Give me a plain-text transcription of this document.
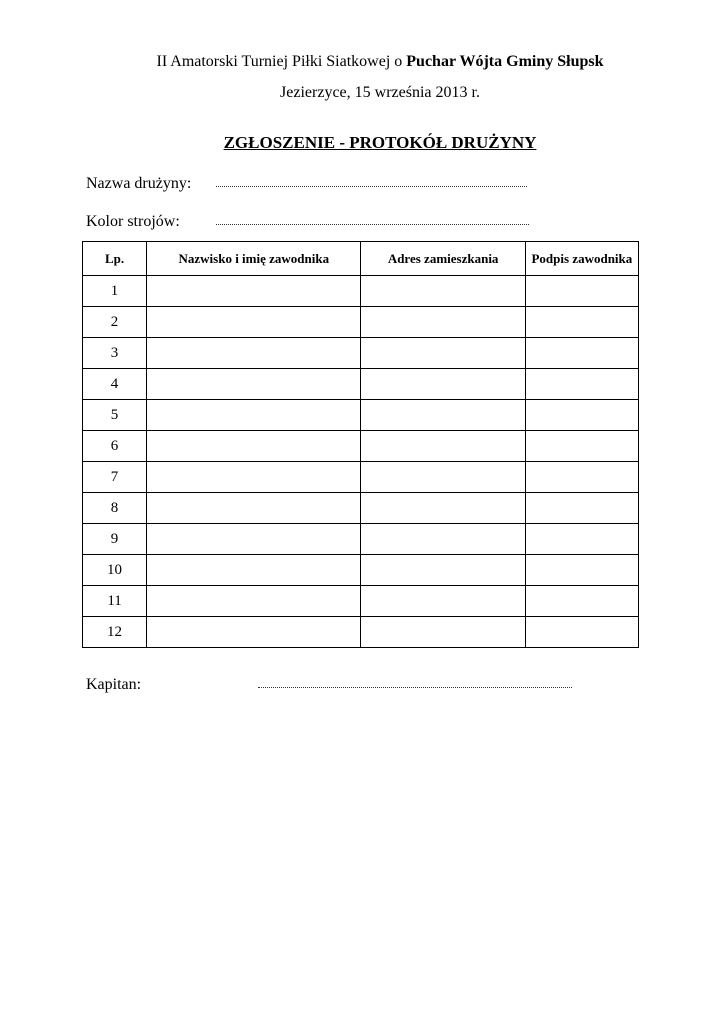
II Amatorski Turniej Piłki Siatkowej o Puchar Wójta Gminy Słupsk
Jezierzyce, 15 września 2013 r.
ZGŁOSZENIE - PROTOKÓŁ DRUŻYNY
Nazwa drużyny:
Kolor strojów:
Lp.	Nazwisko i imię zawodnika	Adres zamieszkania	Podpis zawodnika
1			
2			
3			
4			
5			
6			
7			
8			
9			
10			
11			
12			
Kapitan:
